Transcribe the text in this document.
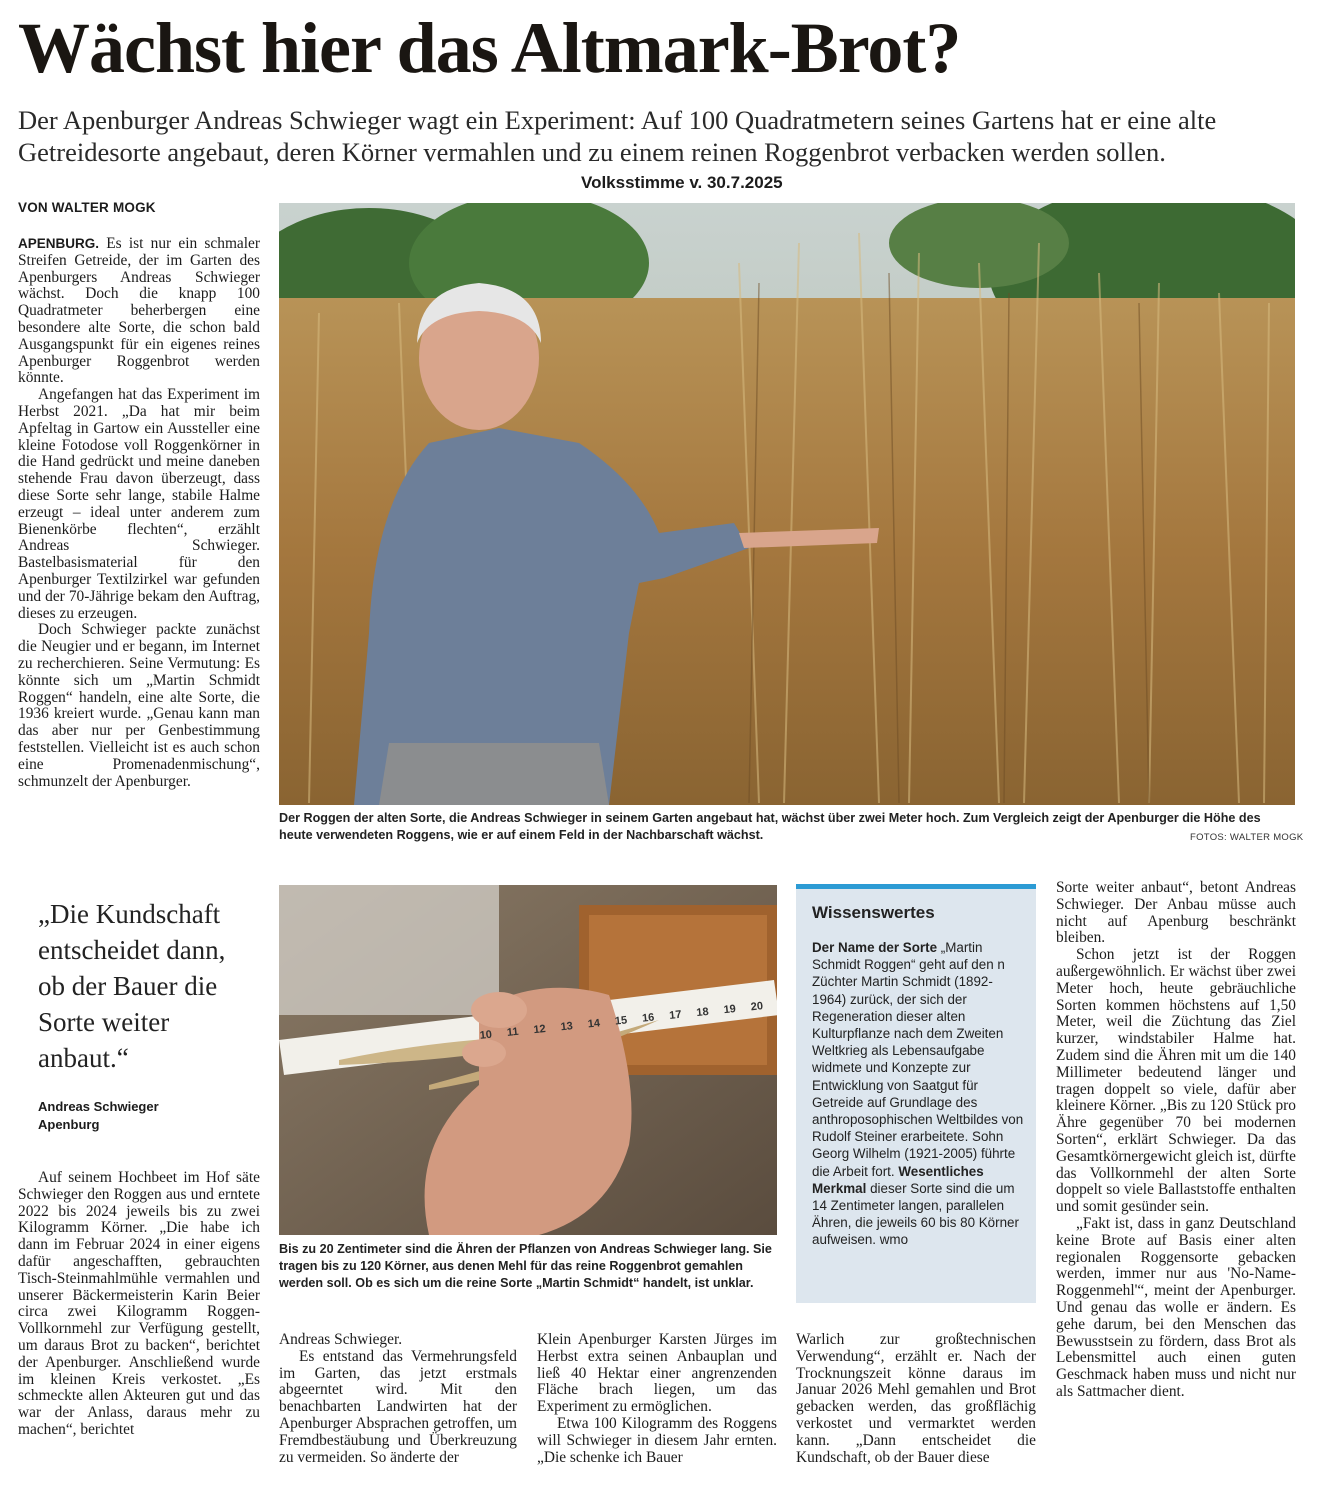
Wächst hier das Altmark-Brot?
Der Apenburger Andreas Schwieger wagt ein Experiment: Auf 100 Quadratmetern seines Gartens hat er eine alte Getreidesorte angebaut, deren Körner vermahlen und zu einem reinen Roggenbrot verbacken werden sollen.
Volksstimme v. 30.7.2025
VON WALTER MOGK

APENBURG. Es ist nur ein schmaler Streifen Getreide, der im Garten des Apenburgers Andreas Schwieger wächst. Doch die knapp 100 Quadratmeter beherbergen eine besondere alte Sorte, die schon bald Ausgangspunkt für ein eigenes reines Apenburger Roggenbrot werden könnte.

Angefangen hat das Experiment im Herbst 2021. „Da hat mir beim Apfeltag in Gartow ein Aussteller eine kleine Fotodose voll Roggenkörner in die Hand gedrückt und meine daneben stehende Frau davon überzeugt, dass diese Sorte sehr lange, stabile Halme erzeugt – ideal unter anderem zum Bienenkörbe flechten“, erzählt Andreas Schwieger. Bastelbasismaterial für den Apenburger Textilzirkel war gefunden und der 70-Jährige bekam den Auftrag, dieses zu erzeugen.

Doch Schwieger packte zunächst die Neugier und er begann, im Internet zu recherchieren. Seine Vermutung: Es könnte sich um „Martin Schmidt Roggen“ handeln, eine alte Sorte, die 1936 kreiert wurde. „Genau kann man das aber nur per Genbestimmung feststellen. Vielleicht ist es auch schon eine Promenadenmischung“, schmunzelt der Apenburger.

Der Roggen der alten Sorte, die Andreas Schwieger in seinem Garten angebaut hat, wächst über zwei Meter hoch. Zum Vergleich zeigt der Apenburger die Höhe des heute verwendeten Roggens, wie er auf einem Feld in der Nachbarschaft wächst.	FOTOS: WALTER MOGK
„Die Kundschaft entscheidet dann, ob der Bauer die Sorte weiter anbaut.“
Andreas Schwieger
Apenburg

Auf seinem Hochbeet im Hof säte Schwieger den Roggen aus und erntete 2022 bis 2024 jeweils bis zu zwei Kilogramm Körner. „Die habe ich dann im Februar 2024 in einer eigens dafür angeschafften, gebrauchten Tisch-Steinmahlmühle vermahlen und unserer Bäckermeisterin Karin Beier circa zwei Kilogramm Roggen-Vollkornmehl zur Verfügung gestellt, um daraus Brot zu backen“, berichtet der Apenburger. Anschließend wurde im kleinen Kreis verkostet. „Es schmeckte allen Akteuren gut und das war der Anlass, daraus mehr zu machen“, berichtet

10 11 12 13 14 15 16 17 18 19 20
Bis zu 20 Zentimeter sind die Ähren der Pflanzen von Andreas Schwieger lang. Sie tragen bis zu 120 Körner, aus denen Mehl für das reine Roggenbrot gemahlen werden soll. Ob es sich um die reine Sorte „Martin Schmidt“ handelt, ist unklar.

Andreas Schwieger.

Es entstand das Vermehrungsfeld im Garten, das jetzt erstmals abgeerntet wird. Mit den benachbarten Landwirten hat der Apenburger Absprachen getroffen, um Fremdbestäubung und Überkreuzung zu vermeiden. So änderte der

Klein Apenburger Karsten Jürges im Herbst extra seinen Anbauplan und ließ 40 Hektar einer angrenzenden Fläche brach liegen, um das Experiment zu ermöglichen.

Etwa 100 Kilogramm des Roggens will Schwieger in diesem Jahr ernten. „Die schenke ich Bauer

Warlich zur großtechnischen Verwendung“, erzählt er. Nach der Trocknungszeit könne daraus im Januar 2026 Mehl gemahlen und Brot gebacken werden, das großflächig verkostet und vermarktet werden kann. „Dann entscheidet die Kundschaft, ob der Bauer diese

Wissenswertes
Der Name der Sorte „Martin Schmidt Roggen“ geht auf den n Züchter Martin Schmidt (1892-1964) zurück, der sich der Regeneration dieser alten Kulturpflanze nach dem Zweiten Weltkrieg als Lebensaufgabe widmete und Konzepte zur Entwicklung von Saatgut für Getreide auf Grundlage des anthroposophischen Weltbildes von Rudolf Steiner erarbeitete. Sohn Georg Wilhelm (1921-2005) führte die Arbeit fort. Wesentliches Merkmal dieser Sorte sind die um 14 Zentimeter langen, parallelen Ähren, die jeweils 60 bis 80 Körner aufweisen. wmo

Sorte weiter anbaut“, betont Andreas Schwieger. Der Anbau müsse auch nicht auf Apenburg beschränkt bleiben.

Schon jetzt ist der Roggen außergewöhnlich. Er wächst über zwei Meter hoch, heute gebräuchliche Sorten kommen höchstens auf 1,50 Meter, weil die Züchtung das Ziel kurzer, windstabiler Halme hat. Zudem sind die Ähren mit um die 140 Millimeter bedeutend länger und tragen doppelt so viele, dafür aber kleinere Körner. „Bis zu 120 Stück pro Ähre gegenüber 70 bei modernen Sorten“, erklärt Schwieger. Da das Gesamtkörnergewicht gleich ist, dürfte das Vollkornmehl der alten Sorte doppelt so viele Ballaststoffe enthalten und somit gesünder sein.

„Fakt ist, dass in ganz Deutschland keine Brote auf Basis einer alten regionalen Roggensorte gebacken werden, immer nur aus 'No-Name-Roggenmehl'“, meint der Apenburger. Und genau das wolle er ändern. Es gehe darum, bei den Menschen das Bewusstsein zu fördern, dass Brot als Lebensmittel auch einen guten Geschmack haben muss und nicht nur als Sattmacher dient.
